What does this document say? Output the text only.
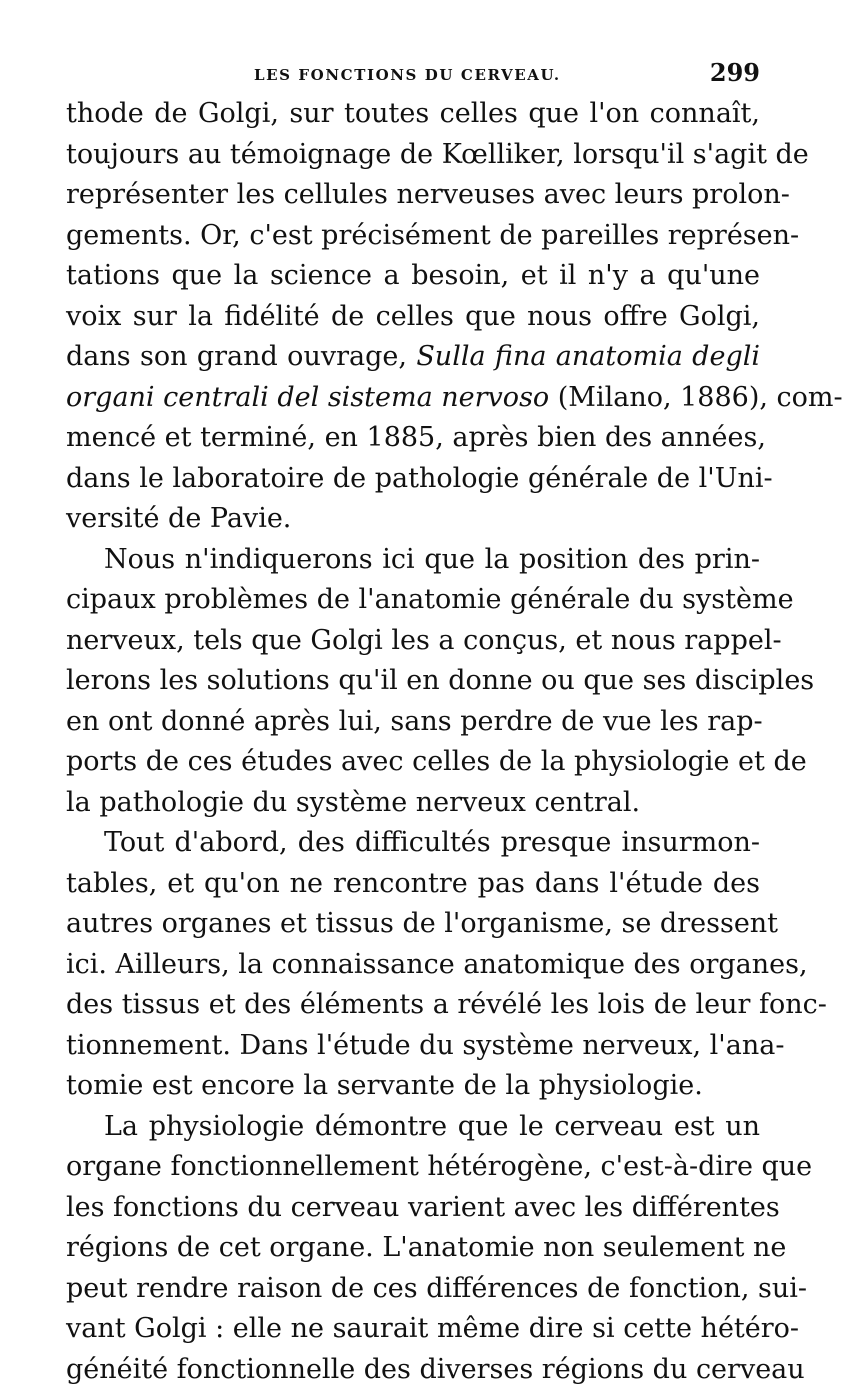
LES FONCTIONS DU CERVEAU.	299
thode de Golgi, sur toutes celles que l'on connaît,
toujours au témoignage de Kœlliker, lorsqu'il s'agit de
représenter les cellules nerveuses avec leurs prolon-
gements. Or, c'est précisément de pareilles représen-
tations que la science a besoin, et il n'y a qu'une
voix sur la fidélité de celles que nous offre Golgi,
dans son grand ouvrage, Sulla fina anatomia degli
organi centrali del sistema nervoso (Milano, 1886), com-
mencé et terminé, en 1885, après bien des années,
dans le laboratoire de pathologie générale de l'Uni-
versité de Pavie.
Nous n'indiquerons ici que la position des prin-
cipaux problèmes de l'anatomie générale du système
nerveux, tels que Golgi les a conçus, et nous rappel-
lerons les solutions qu'il en donne ou que ses disciples
en ont donné après lui, sans perdre de vue les rap-
ports de ces études avec celles de la physiologie et de
la pathologie du système nerveux central.
Tout d'abord, des difficultés presque insurmon-
tables, et qu'on ne rencontre pas dans l'étude des
autres organes et tissus de l'organisme, se dressent
ici. Ailleurs, la connaissance anatomique des organes,
des tissus et des éléments a révélé les lois de leur fonc-
tionnement. Dans l'étude du système nerveux, l'ana-
tomie est encore la servante de la physiologie.
La physiologie démontre que le cerveau est un
organe fonctionnellement hétérogène, c'est-à-dire que
les fonctions du cerveau varient avec les différentes
régions de cet organe. L'anatomie non seulement ne
peut rendre raison de ces différences de fonction, sui-
vant Golgi : elle ne saurait même dire si cette hétéro-
généité fonctionnelle des diverses régions du cerveau
